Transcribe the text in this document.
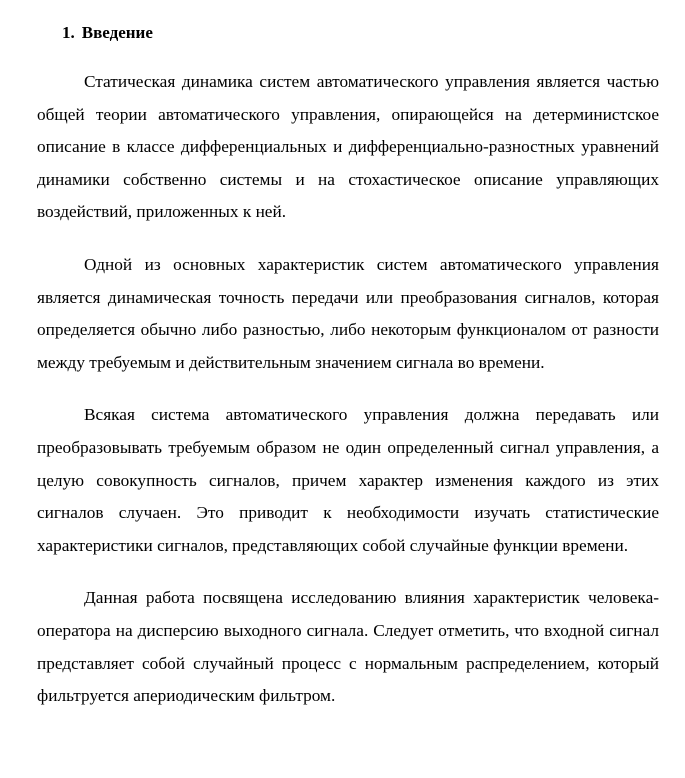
1. Введение

Статическая динамика систем автоматического управления является частью общей теории автоматического управления, опирающейся на детерминистское описание в классе дифференциальных и дифференциально-разностных уравнений динамики собственно системы и на стохастическое описание управляющих воздействий, приложенных к ней.

Одной из основных характеристик систем автоматического управления является динамическая точность передачи или преобразования сигналов, которая определяется обычно либо разностью, либо некоторым функционалом от разности между требуемым и действительным значением сигнала во времени.

Всякая система автоматического управления должна передавать или преобразовывать требуемым образом не один определенный сигнал управления, а целую совокупность сигналов, причем характер изменения каждого из этих сигналов случаен. Это приводит к необходимости изучать статистические характеристики сигналов, представляющих собой случайные функции времени.

Данная работа посвящена исследованию влияния характеристик человека-оператора на дисперсию выходного сигнала. Следует отметить, что входной сигнал представляет собой случайный процесс с нормальным распределением, который фильтруется апериодическим фильтром.
